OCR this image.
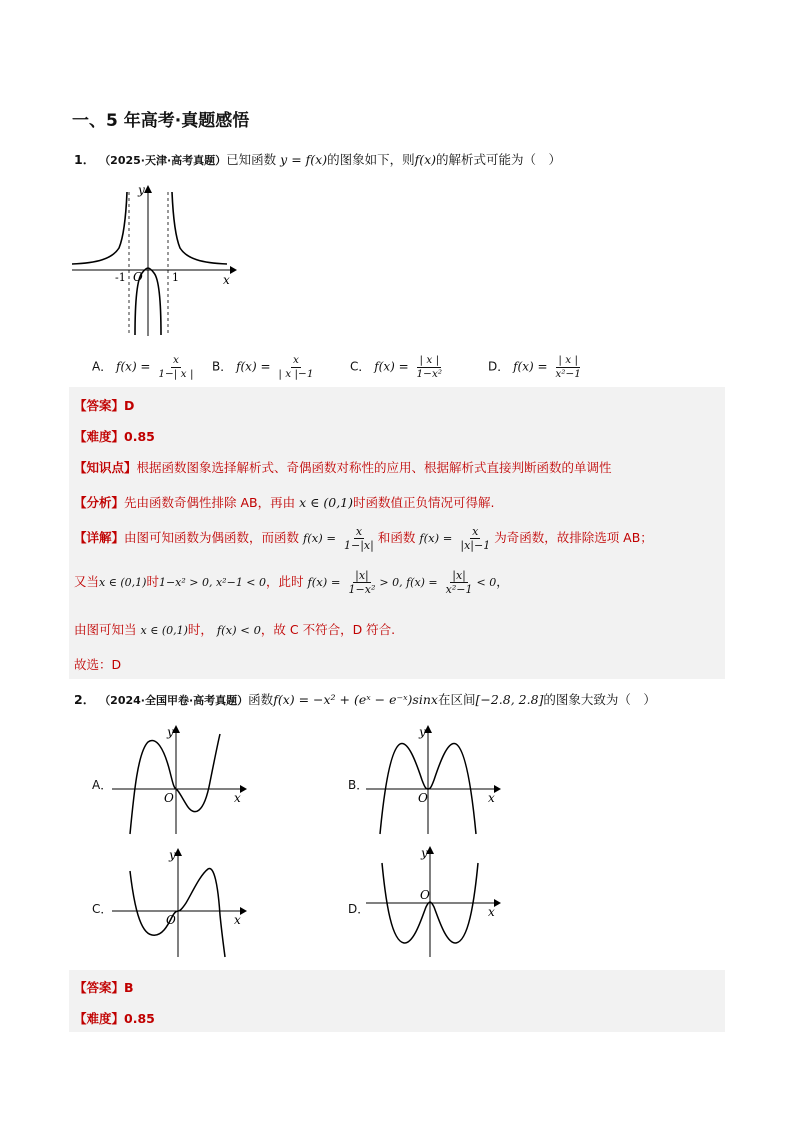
一、5 年高考·真题感悟
1． （2025·天津·高考真题）已知函数 y = f(x)的图象如下，则f(x)的解析式可能为（　）
y
x
O
-1	1
A． $f(x) = \frac{x}{1-| x |}$ B． $f(x) = \frac{x}{| x |-1}$	C． $f(x) = \frac{| x |}{\text{1−x²}}$	D． $f(x) = \frac{| x |}{\text{x²−1}}$
【答案】D
【难度】0.85
【知识点】根据函数图象选择解析式、奇偶函数对称性的应用、根据解析式直接判断函数的单调性
【分析】先由函数奇偶性排除 AB，再由 x ∈ (0,1)时函数值正负情况可得解.
【详解】由图可知函数为偶函数，而函数 $f(x) = \frac{x}{1-|x|}$ 和函数 $f(x) = \frac{x}{|x|-1}$ 为奇函数，故排除选项 AB；
又当x ∈ (0,1)时1−x² > 0, x²−1 < 0，此时 $f(x) = \frac{|x|}{\text{1−x²}} > 0$, $f(x) = \frac{|x|}{\text{x²−1}} < 0$，
由图可知当 x ∈ (0,1)时， f(x) < 0，故 C 不符合，D 符合.
故选：D
2． （2024·全国甲卷·高考真题）函数f(x) = −x² + (eˣ − e⁻ˣ)sinx在区间[−2.8, 2.8]的图象大致为（　）
A．
y
x
O
B．
y
x
O
C．
y
x
O
D．
y
x
O
【答案】B
【难度】0.85
